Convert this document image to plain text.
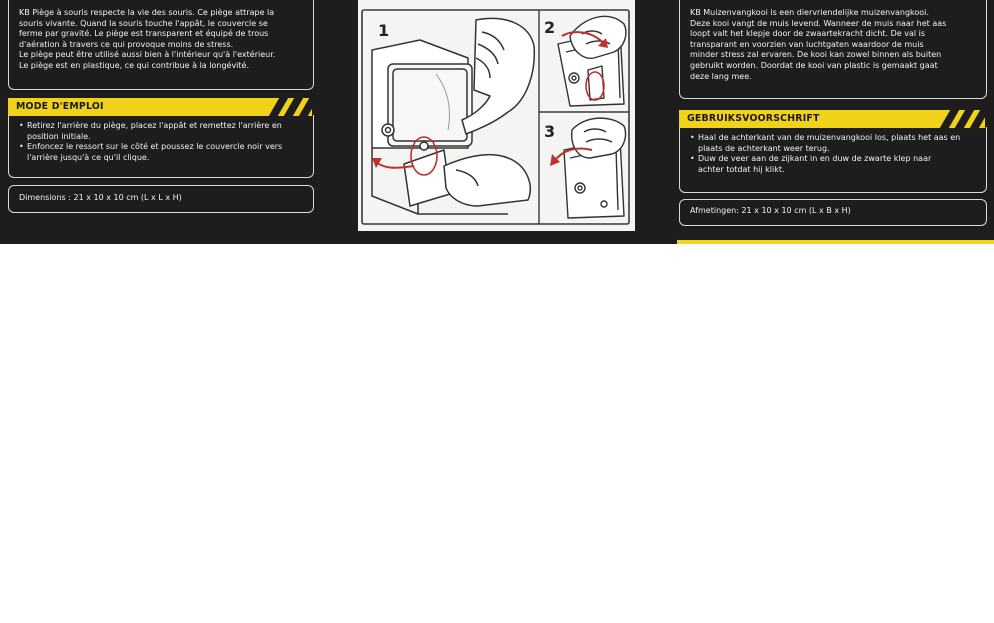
KB Piège à souris respecte la vie des souris. Ce piège attrape la

souris vivante. Quand la souris touche l'appât, le couvercle se

ferme par gravité. Le piège est transparent et équipé de trous

d'aération à travers ce qui provoque moins de stress.

Le piège peut être utilisé aussi bien à l'intérieur qu'à l'extérieur.

Le piège est en plastique, ce qui contribue à la longévité.

MODE D'EMPLOI
• Retirez l'arrière du piège, placez l'appât et remettez l'arrière en
position initiale.
• Enfoncez le ressort sur le côté et poussez le couvercle noir vers
l'arrière jusqu'à ce qu'il clique.

Dimensions : 21 x 10 x 10 cm (L x L x H)

1	2
3

KB Muizenvangkooi is een diervriendelijke muizenvangkooi.

Deze kooi vangt de muis levend. Wanneer de muis naar het aas

loopt valt het klepje door de zwaartekracht dicht. De val is

transparant en voorzien van luchtgaten waardoor de muis

minder stress zal ervaren. De kooi kan zowel binnen als buiten

gebruikt worden. Doordat de kooi van plastic is gemaakt gaat

deze lang mee.

GEBRUIKSVOORSCHRIFT
• Haal de achterkant van de muizenvangkooi los, plaats het aas en
plaats de achterkant weer terug.
• Duw de veer aan de zijkant in en duw de zwarte klep naar
achter totdat hij klikt.

Afmetingen: 21 x 10 x 10 cm (L x B x H)
